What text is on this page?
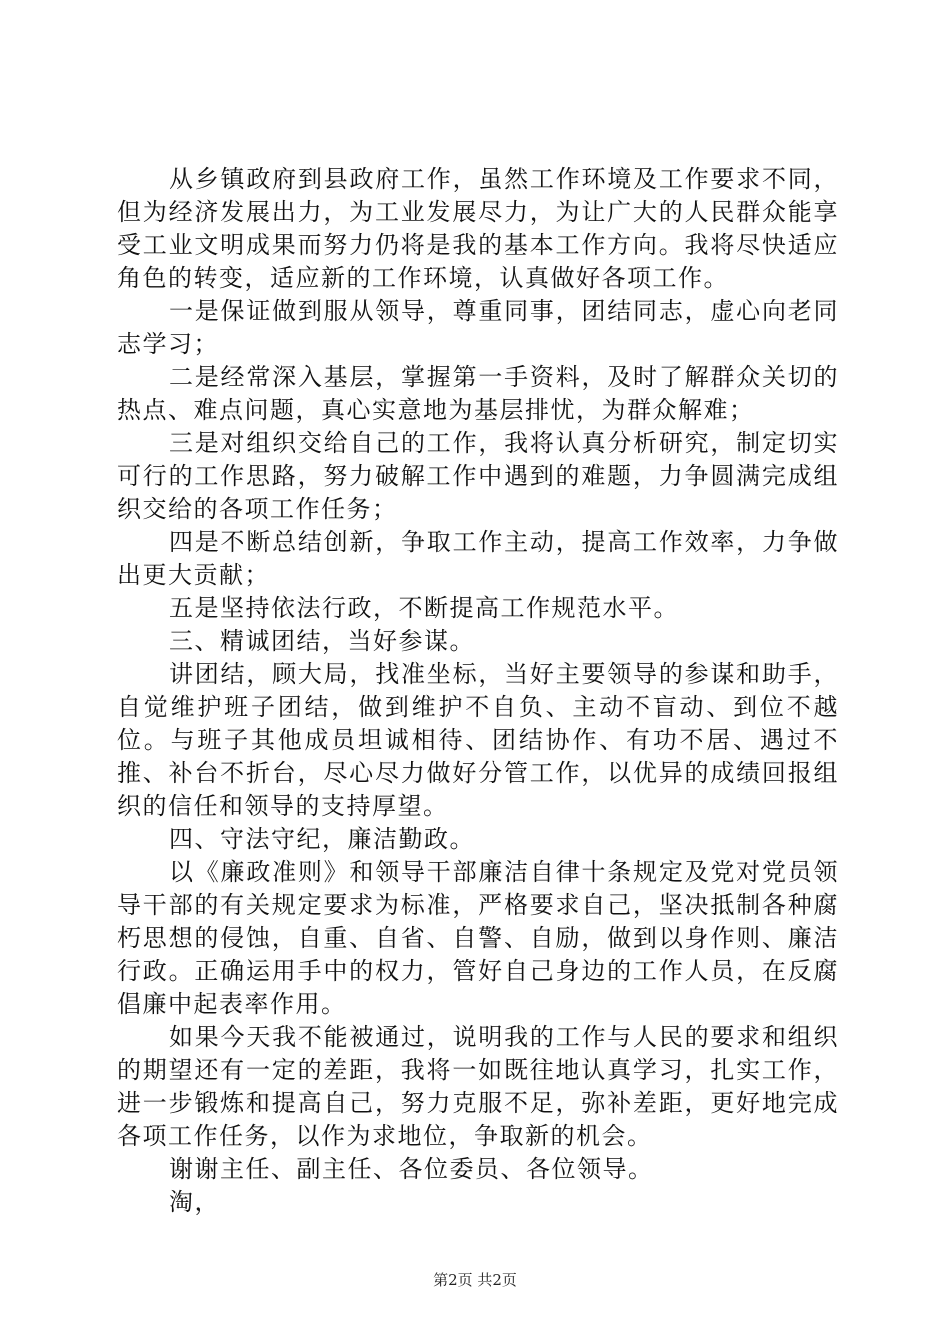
从乡镇政府到县政府工作，虽然工作环境及工作要求不同，但为经济发展出力，为工业发展尽力，为让广大的人民群众能享受工业文明成果而努力仍将是我的基本工作方向。我将尽快适应角色的转变，适应新的工作环境，认真做好各项工作。

一是保证做到服从领导，尊重同事，团结同志，虚心向老同志学习；

二是经常深入基层，掌握第一手资料，及时了解群众关切的热点、难点问题，真心实意地为基层排忧，为群众解难；

三是对组织交给自己的工作，我将认真分析研究，制定切实可行的工作思路，努力破解工作中遇到的难题，力争圆满完成组织交给的各项工作任务；

四是不断总结创新，争取工作主动，提高工作效率，力争做出更大贡献；

五是坚持依法行政，不断提高工作规范水平。

三、精诚团结，当好参谋。

讲团结，顾大局，找准坐标，当好主要领导的参谋和助手，自觉维护班子团结，做到维护不自负、主动不盲动、到位不越位。与班子其他成员坦诚相待、团结协作、有功不居、遇过不推、补台不折台，尽心尽力做好分管工作，以优异的成绩回报组织的信任和领导的支持厚望。

四、守法守纪，廉洁勤政。

以《廉政准则》和领导干部廉洁自律十条规定及党对党员领导干部的有关规定要求为标准，严格要求自己，坚决抵制各种腐朽思想的侵蚀，自重、自省、自警、自励，做到以身作则、廉洁行政。正确运用手中的权力，管好自己身边的工作人员，在反腐倡廉中起表率作用。

如果今天我不能被通过，说明我的工作与人民的要求和组织的期望还有一定的差距，我将一如既往地认真学习，扎实工作，进一步锻炼和提高自己，努力克服不足，弥补差距，更好地完成各项工作任务，以作为求地位，争取新的机会。

谢谢主任、副主任、各位委员、各位领导。

淘，

第2页 共2页
